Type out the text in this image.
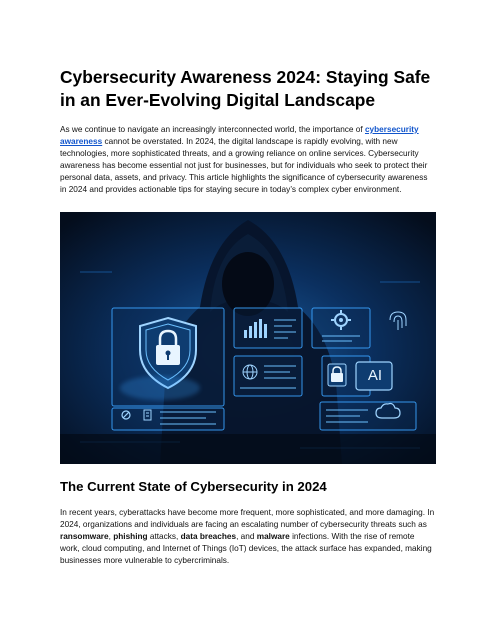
Cybersecurity Awareness 2024: Staying Safe in an Ever-Evolving Digital Landscape

As we continue to navigate an increasingly interconnected world, the importance of cybersecurity awareness cannot be overstated. In 2024, the digital landscape is rapidly evolving, with new technologies, more sophisticated threats, and a growing reliance on online services. Cybersecurity awareness has become essential not just for businesses, but for individuals who seek to protect their personal data, assets, and privacy. This article highlights the significance of cybersecurity awareness in 2024 and provides actionable tips for staying secure in today’s complex cyber environment.

AI
The Current State of Cybersecurity in 2024

In recent years, cyberattacks have become more frequent, more sophisticated, and more damaging. In 2024, organizations and individuals are facing an escalating number of cybersecurity threats such as ransomware, phishing attacks, data breaches, and malware infections. With the rise of remote work, cloud computing, and Internet of Things (IoT) devices, the attack surface has expanded, making businesses more vulnerable to cybercriminals.
